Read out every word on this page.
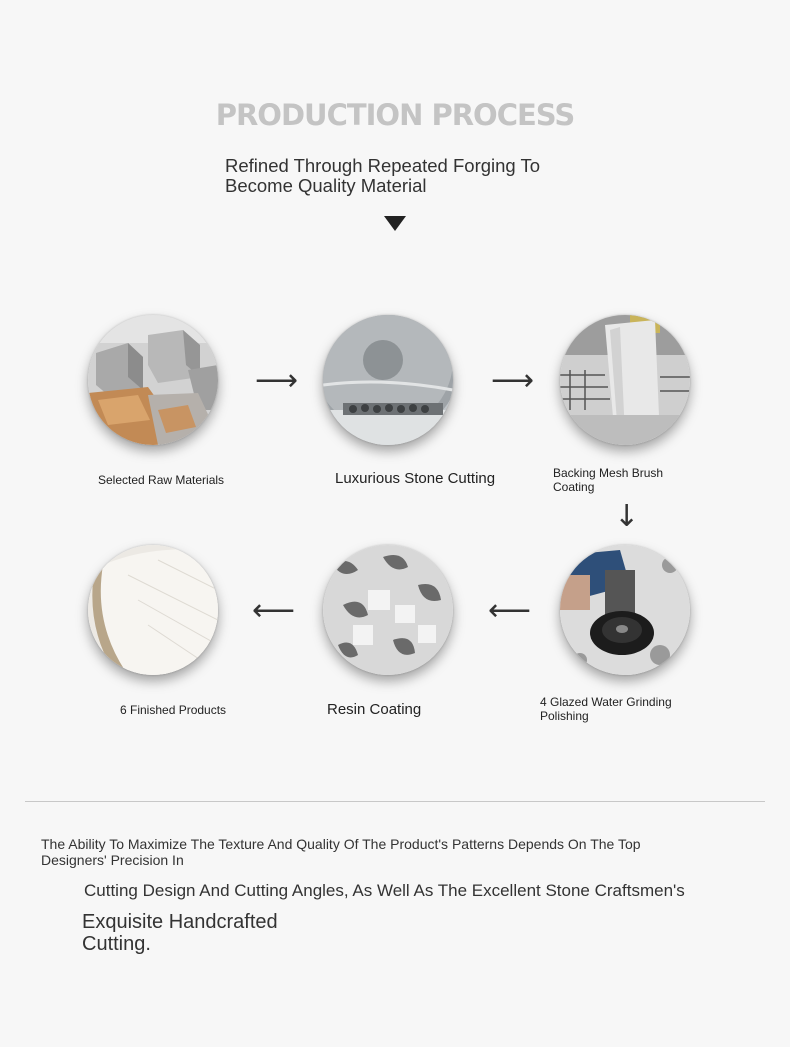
PRODUCTION PROCESS
Refined Through Repeated Forging To
Become Quality Material
Selected Raw Materials
⟶
Luxurious Stone Cutting
⟶
Backing Mesh Brush
Coating
↓
6 Finished Products
⟵
Resin Coating
⟵
4 Glazed Water Grinding
Polishing
The Ability To Maximize The Texture And Quality Of The Product's Patterns Depends On The Top
Designers' Precision In
Cutting Design And Cutting Angles, As Well As The Excellent Stone Craftsmen's
Exquisite Handcrafted
Cutting.
